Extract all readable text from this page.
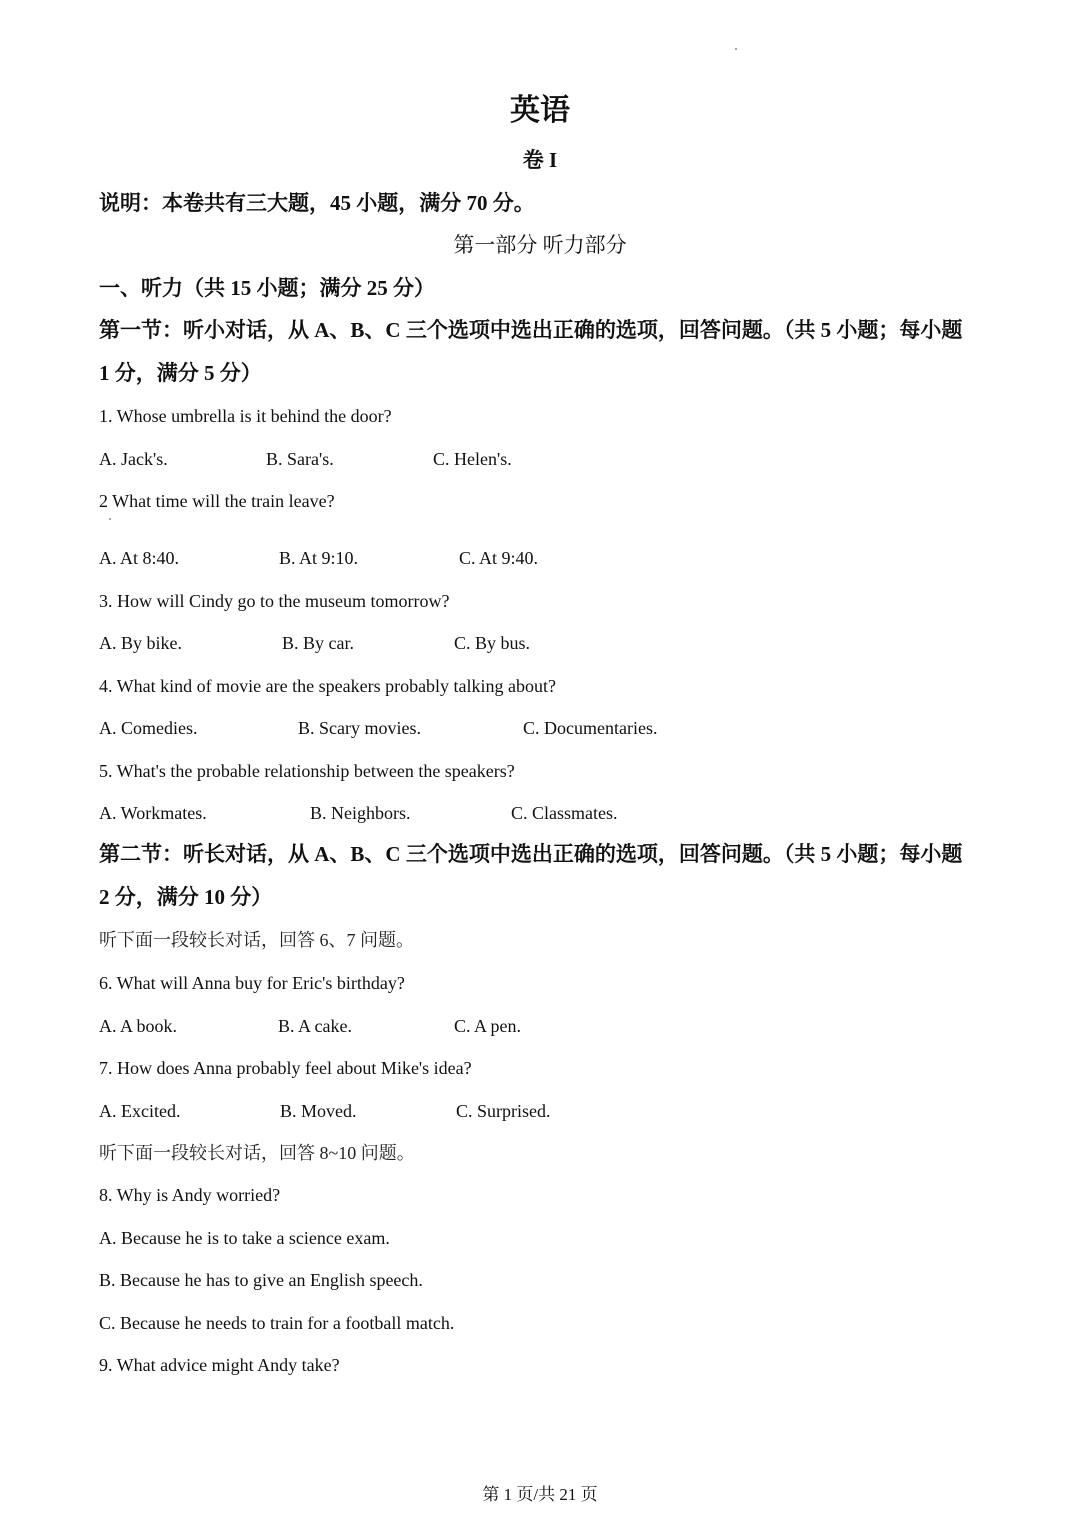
英语
卷 I
说明：本卷共有三大题，45 小题，满分 70 分。
第一部分 听力部分
一、听力（共 15 小题；满分 25 分）
第一节：听小对话，从 A、B、C 三个选项中选出正确的选项，回答问题。（共 5 小题；每小题
1 分，满分 5 分）
1. Whose umbrella is it behind the door?
A. Jack's.	B. Sara's.	C. Helen's.
2 What time will the train leave?
A. At 8:40.	B. At 9:10.	C. At 9:40.
3. How will Cindy go to the museum tomorrow?
A. By bike.	B. By car.	C. By bus.
4. What kind of movie are the speakers probably talking about?
A. Comedies.	B. Scary movies.	C. Documentaries.
5. What's the probable relationship between the speakers?
A. Workmates.	B. Neighbors.	C. Classmates.
第二节：听长对话，从 A、B、C 三个选项中选出正确的选项，回答问题。（共 5 小题；每小题
2 分，满分 10 分）
听下面一段较长对话，回答 6、7 问题。
6. What will Anna buy for Eric's birthday?
A. A book.	B. A cake.	C. A pen.
7. How does Anna probably feel about Mike's idea?
A. Excited.	B. Moved.	C. Surprised.
听下面一段较长对话，回答 8~10 问题。
8. Why is Andy worried?
A. Because he is to take a science exam.
B. Because he has to give an English speech.
C. Because he needs to train for a football match.
9. What advice might Andy take?
第 1 页/共 21 页
